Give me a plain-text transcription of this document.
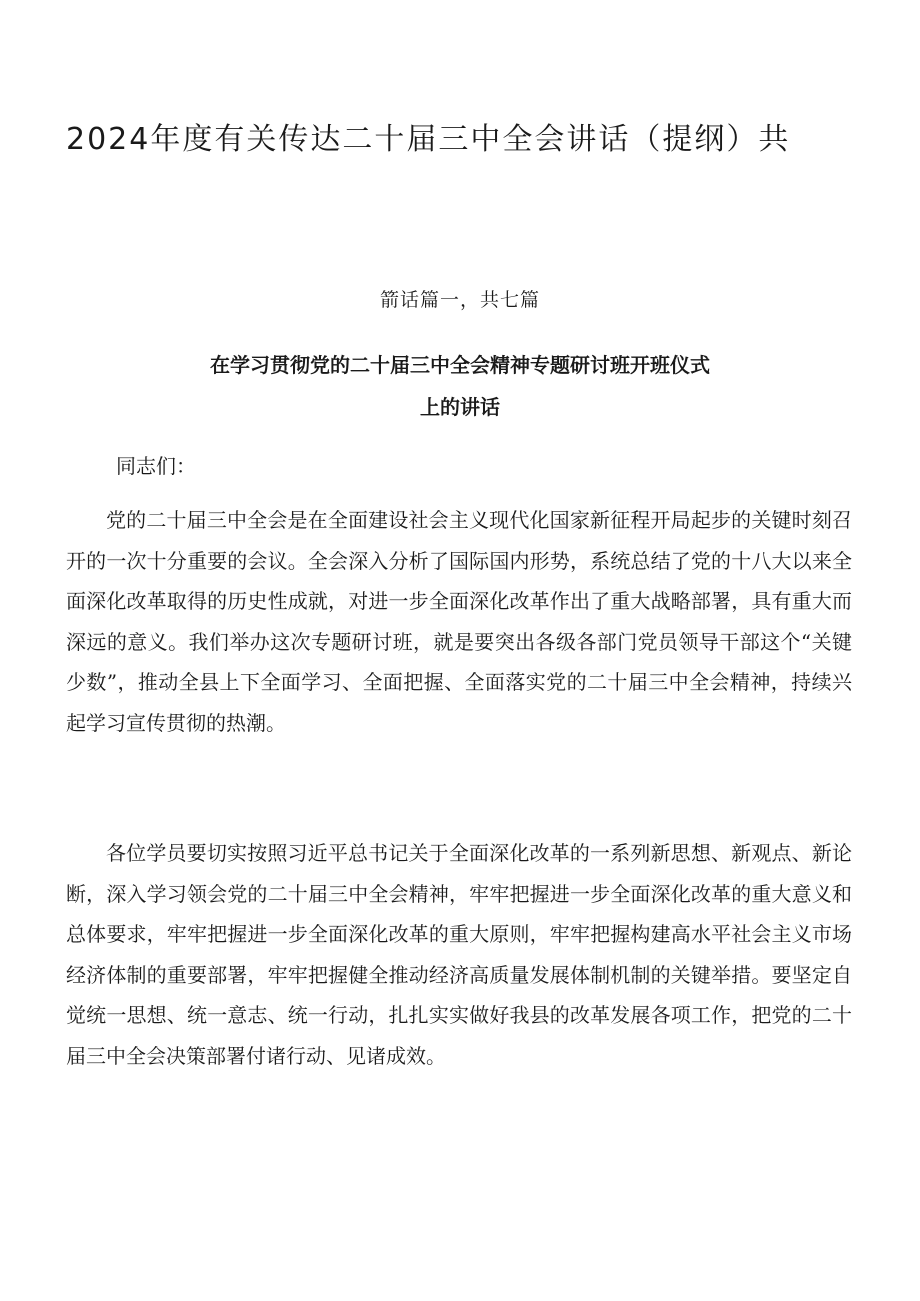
2024年度有关传达二十届三中全会讲话（提纲）共
箭话篇一，共七篇
在学习贯彻党的二十届三中全会精神专题研讨班开班仪式
上的讲话
同志们：

党的二十届三中全会是在全面建设社会主义现代化国家新征程开局起步的关键时刻召开的一次十分重要的会议。全会深入分析了国际国内形势，系统总结了党的十八大以来全面深化改革取得的历史性成就，对进一步全面深化改革作出了重大战略部署，具有重大而深远的意义。我们举办这次专题研讨班，就是要突出各级各部门党员领导干部这个“关键少数”，推动全县上下全面学习、全面把握、全面落实党的二十届三中全会精神，持续兴起学习宣传贯彻的热潮。

各位学员要切实按照习近平总书记关于全面深化改革的一系列新思想、新观点、新论断，深入学习领会党的二十届三中全会精神，牢牢把握进一步全面深化改革的重大意义和总体要求，牢牢把握进一步全面深化改革的重大原则，牢牢把握构建高水平社会主义市场经济体制的重要部署，牢牢把握健全推动经济高质量发展体制机制的关键举措。要坚定自觉统一思想、统一意志、统一行动，扎扎实实做好我县的改革发展各项工作，把党的二十届三中全会决策部署付诸行动、见诸成效。
